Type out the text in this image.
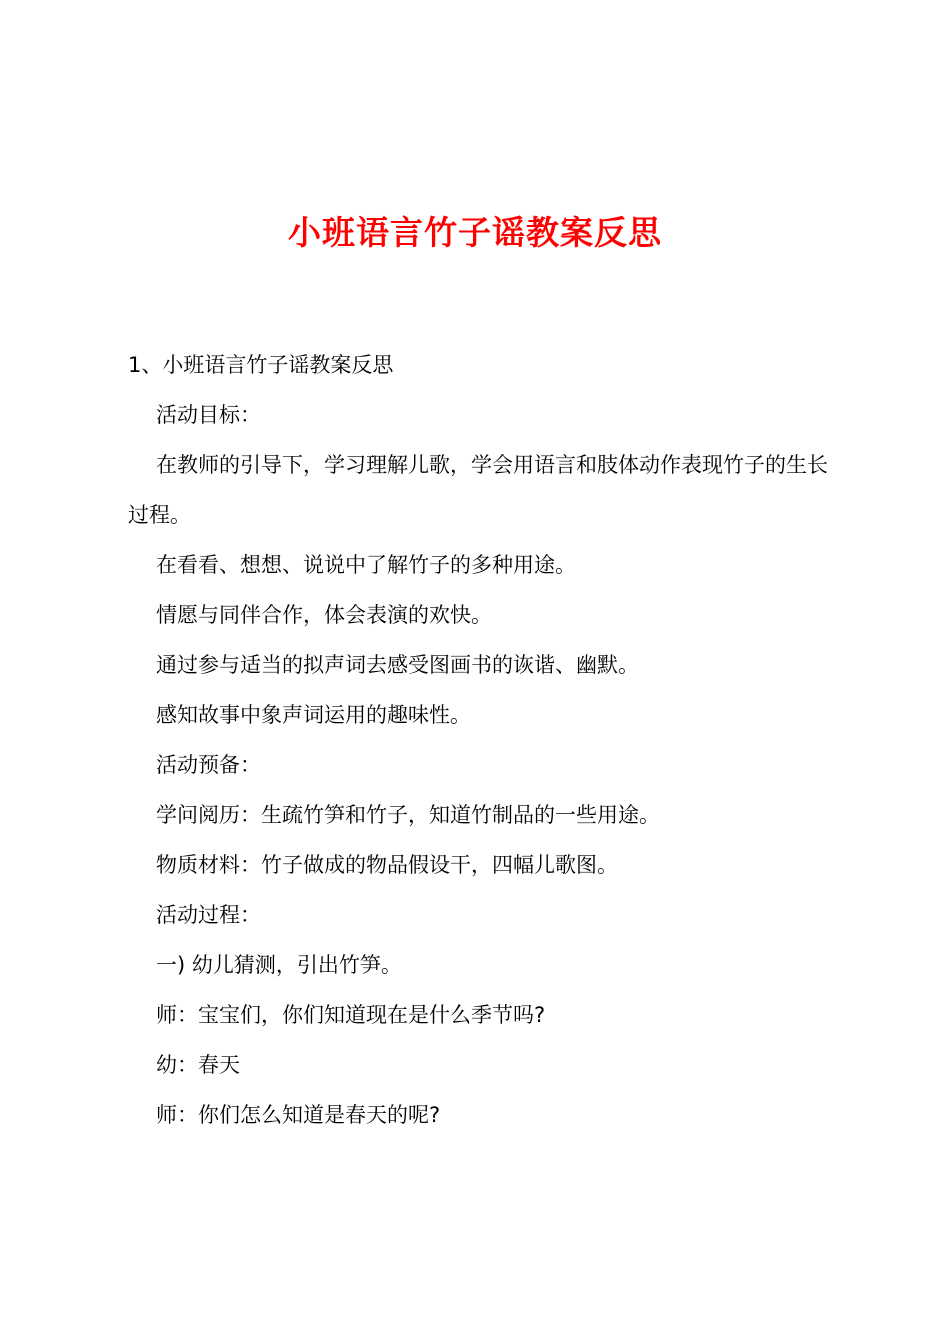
小班语言竹子谣教案反思

1、小班语言竹子谣教案反思

活动目标：

在教师的引导下，学习理解儿歌，学会用语言和肢体动作表现竹子的生长过程。

在看看、想想、说说中了解竹子的多种用途。

情愿与同伴合作，体会表演的欢快。

通过参与适当的拟声词去感受图画书的诙谐、幽默。

感知故事中象声词运用的趣味性。

活动预备：

学问阅历：生疏竹笋和竹子，知道竹制品的一些用途。

物质材料：竹子做成的物品假设干，四幅儿歌图。

活动过程：

一) 幼儿猜测，引出竹笋。

师：宝宝们，你们知道现在是什么季节吗?

幼：春天

师：你们怎么知道是春天的呢?
